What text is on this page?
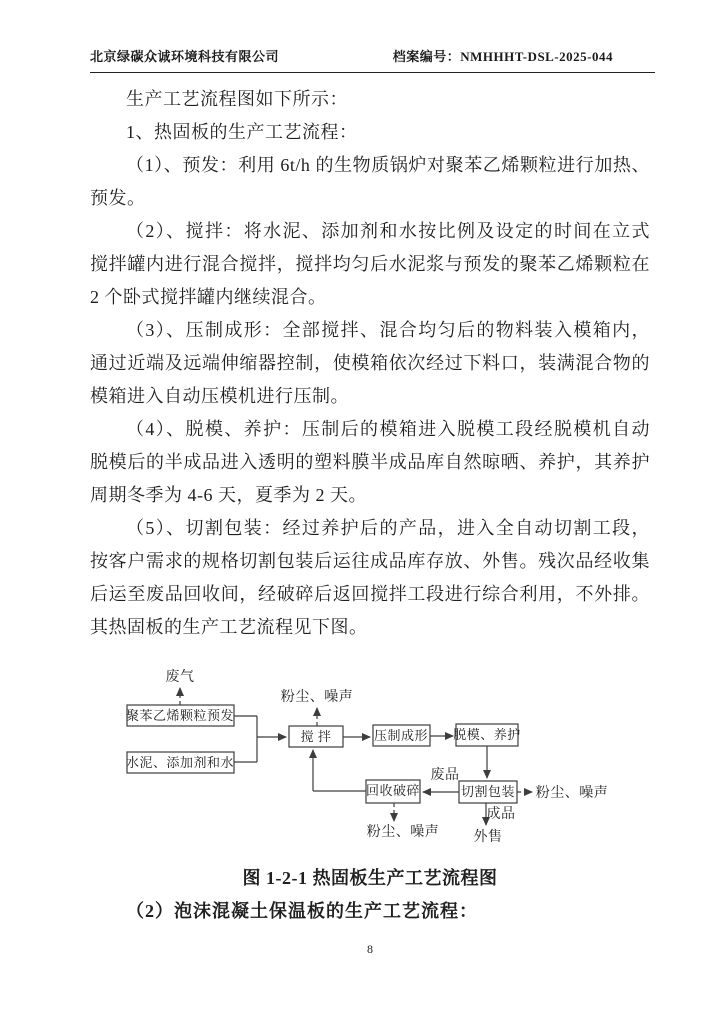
北京绿碳众诚环境科技有限公司	档案编号：NMHHHT-DSL-2025-044
生产工艺流程图如下所示：
1、热固板的生产工艺流程：
（1）、预发：利用 6t/h 的生物质锅炉对聚苯乙烯颗粒进行加热、
预发。
（2）、搅拌：将水泥、添加剂和水按比例及设定的时间在立式
搅拌罐内进行混合搅拌，搅拌均匀后水泥浆与预发的聚苯乙烯颗粒在
2 个卧式搅拌罐内继续混合。
（3）、压制成形：全部搅拌、混合均匀后的物料装入模箱内，
通过近端及远端伸缩器控制，使模箱依次经过下料口，装满混合物的
模箱进入自动压模机进行压制。
（4）、脱模、养护：压制后的模箱进入脱模工段经脱模机自动
脱模后的半成品进入透明的塑料膜半成品库自然晾晒、养护，其养护
周期冬季为 4-6 天，夏季为 2 天。
（5）、切割包装：经过养护后的产品，进入全自动切割工段，
按客户需求的规格切割包装后运往成品库存放、外售。残次品经收集
后运至废品回收间，经破碎后返回搅拌工段进行综合利用，不外排。
其热固板的生产工艺流程见下图。
聚苯乙烯颗粒预发
水泥、添加剂和水
搅 拌	压制成形 脱模、养护
切割包装
回收破碎
废气
粉尘、噪声
废品
粉尘、噪声
成品
外售
粉尘、噪声
图 1-2-1 热固板生产工艺流程图
（2）泡沫混凝土保温板的生产工艺流程：
8
